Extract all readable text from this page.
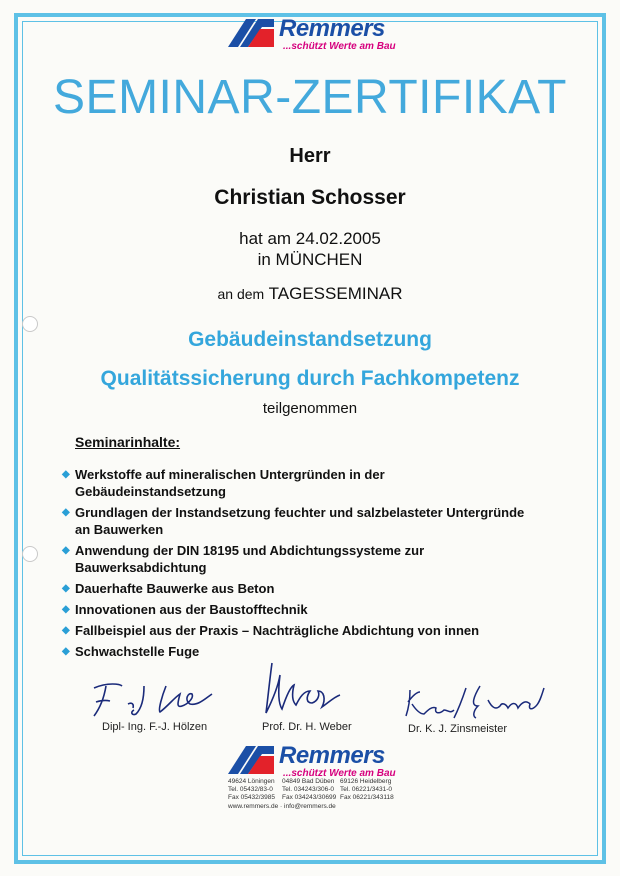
Remmers
...schützt Werte am Bau
SEMINAR-ZERTIFIKAT
Herr
Christian Schosser
hat am 24.02.2005
in MÜNCHEN
an dem TAGESSEMINAR
Gebäudeinstandsetzung
Qualitätssicherung durch Fachkompetenz
teilgenommen
Seminarinhalte:
◆ Werkstoffe auf mineralischen Untergründen in der
Gebäudeinstandsetzung
◆ Grundlagen der Instandsetzung feuchter und salzbelasteter Untergründe
an Bauwerken
◆ Anwendung der DIN 18195 und Abdichtungssysteme zur
Bauwerksabdichtung
◆ Dauerhafte Bauwerke aus Beton
◆ Innovationen aus der Baustofftechnik
◆ Fallbeispiel aus der Praxis – Nachträgliche Abdichtung von innen
◆ Schwachstelle Fuge
Dipl- Ing. F.-J. Hölzen	Prof. Dr. H. Weber	Dr. K. J. Zinsmeister
Remmers
...schützt Werte am Bau
49624 Löningen
Tel. 05432/83-0
Fax 05432/3985
04849 Bad Düben
Tel. 034243/306-0
Fax 034243/30699
69126 Heidelberg
Tel. 06221/3431-0
Fax 06221/343118
www.remmers.de · info@remmers.de
